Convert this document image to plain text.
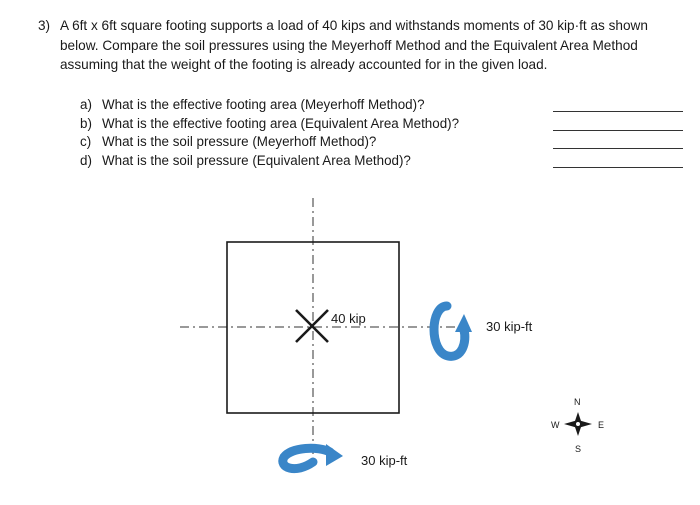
3) A 6ft x 6ft square footing supports a load of 40 kips and withstands moments of 30 kip·ft as shown
below. Compare the soil pressures using the Meyerhoff Method and the Equivalent Area Method
assuming that the weight of the footing is already accounted for in the given load.
a) What is the effective footing area (Meyerhoff Method)?
b) What is the effective footing area (Equivalent Area Method)?
c) What is the soil pressure (Meyerhoff Method)?
d) What is the soil pressure (Equivalent Area Method)?
40 kip
30 kip-ft
30 kip-ft
N
S
W	E
